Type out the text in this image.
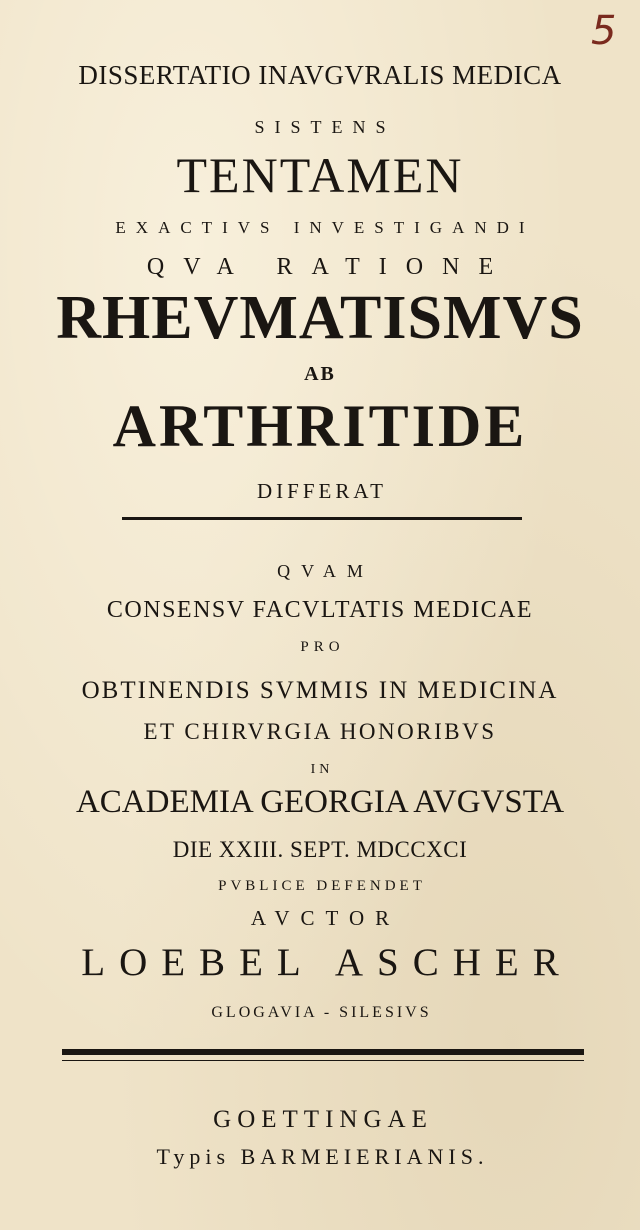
5
DISSERTATIO INAVGVRALIS MEDICA
SISTENS
TENTAMEN
EXACTIVS INVESTIGANDI
QVA RATIONE
RHEVMATISMVS
AB
ARTHRITIDE
DIFFERAT
QVAM
CONSENSV FACVLTATIS MEDICAE
PRO
OBTINENDIS SVMMIS IN MEDICINA
ET CHIRVRGIA HONORIBVS
IN
ACADEMIA GEORGIA AVGVSTA
DIE XXIII. SEPT. MDCCXCI
PVBLICE DEFENDET
AVCTOR
LOEBEL ASCHER
GLOGAVIA - SILESIVS
GOETTINGAE
Typis BARMEIERIANIS.
